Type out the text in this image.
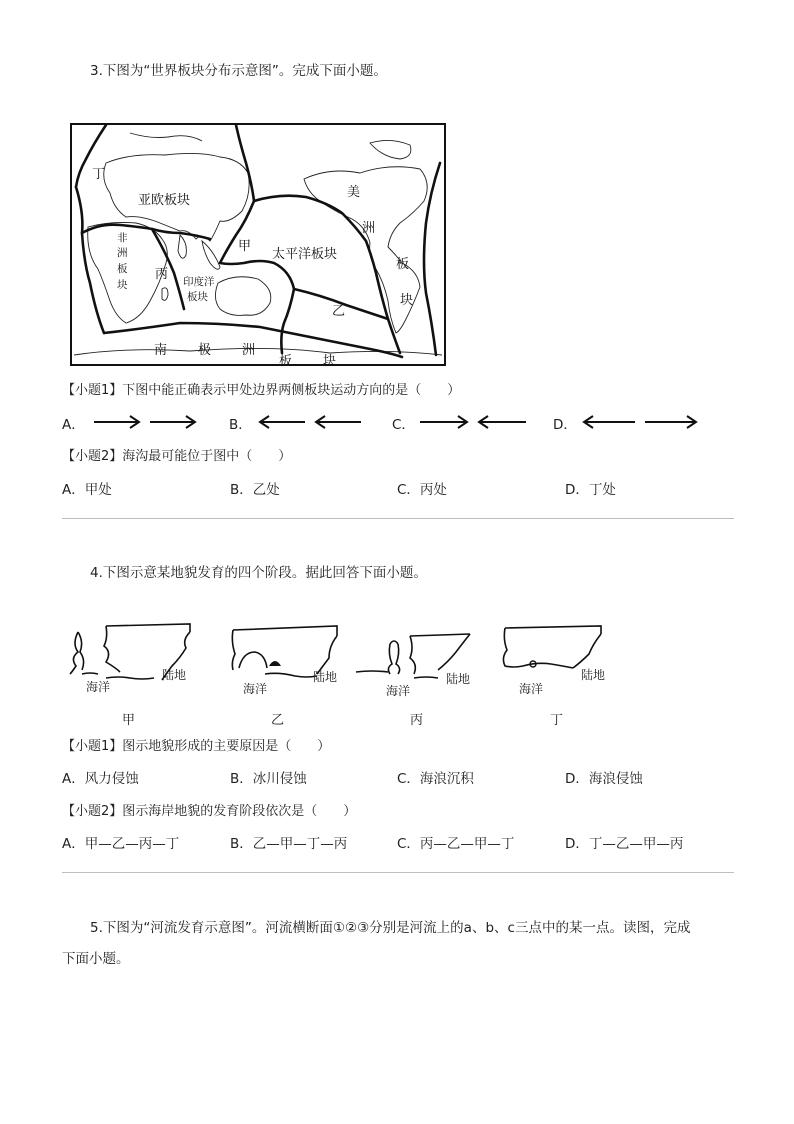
3.下图为“世界板块分布示意图”。完成下面小题。
丁
亚欧板块
非
洲
板
块
丙
甲
太平洋板块
印度洋
板块
乙
美
洲
板
块
南 极 洲
板 块
【小题1】下图中能正确表示甲处边界两侧板块运动方向的是（　　）
A．	B．	C．	D．
【小题2】海沟最可能位于图中（　　）
A．甲处	B．乙处	C．丙处	D．丁处
4.下图示意某地貌发育的四个阶段。据此回答下面小题。
海洋
陆地
甲
海洋
陆地
乙
海洋
陆地
丙
海洋
陆地
丁
【小题1】图示地貌形成的主要原因是（　　）
A．风力侵蚀	B．冰川侵蚀	C．海浪沉积	D．海浪侵蚀
【小题2】图示海岸地貌的发育阶段依次是（　　）
A．甲—乙—丙—丁	B．乙—甲—丁—丙	C．丙—乙—甲—丁	D．丁—乙—甲—丙
5.下图为“河流发育示意图”。河流横断面①②③分别是河流上的a、b、c三点中的某一点。读图，完成
下面小题。
